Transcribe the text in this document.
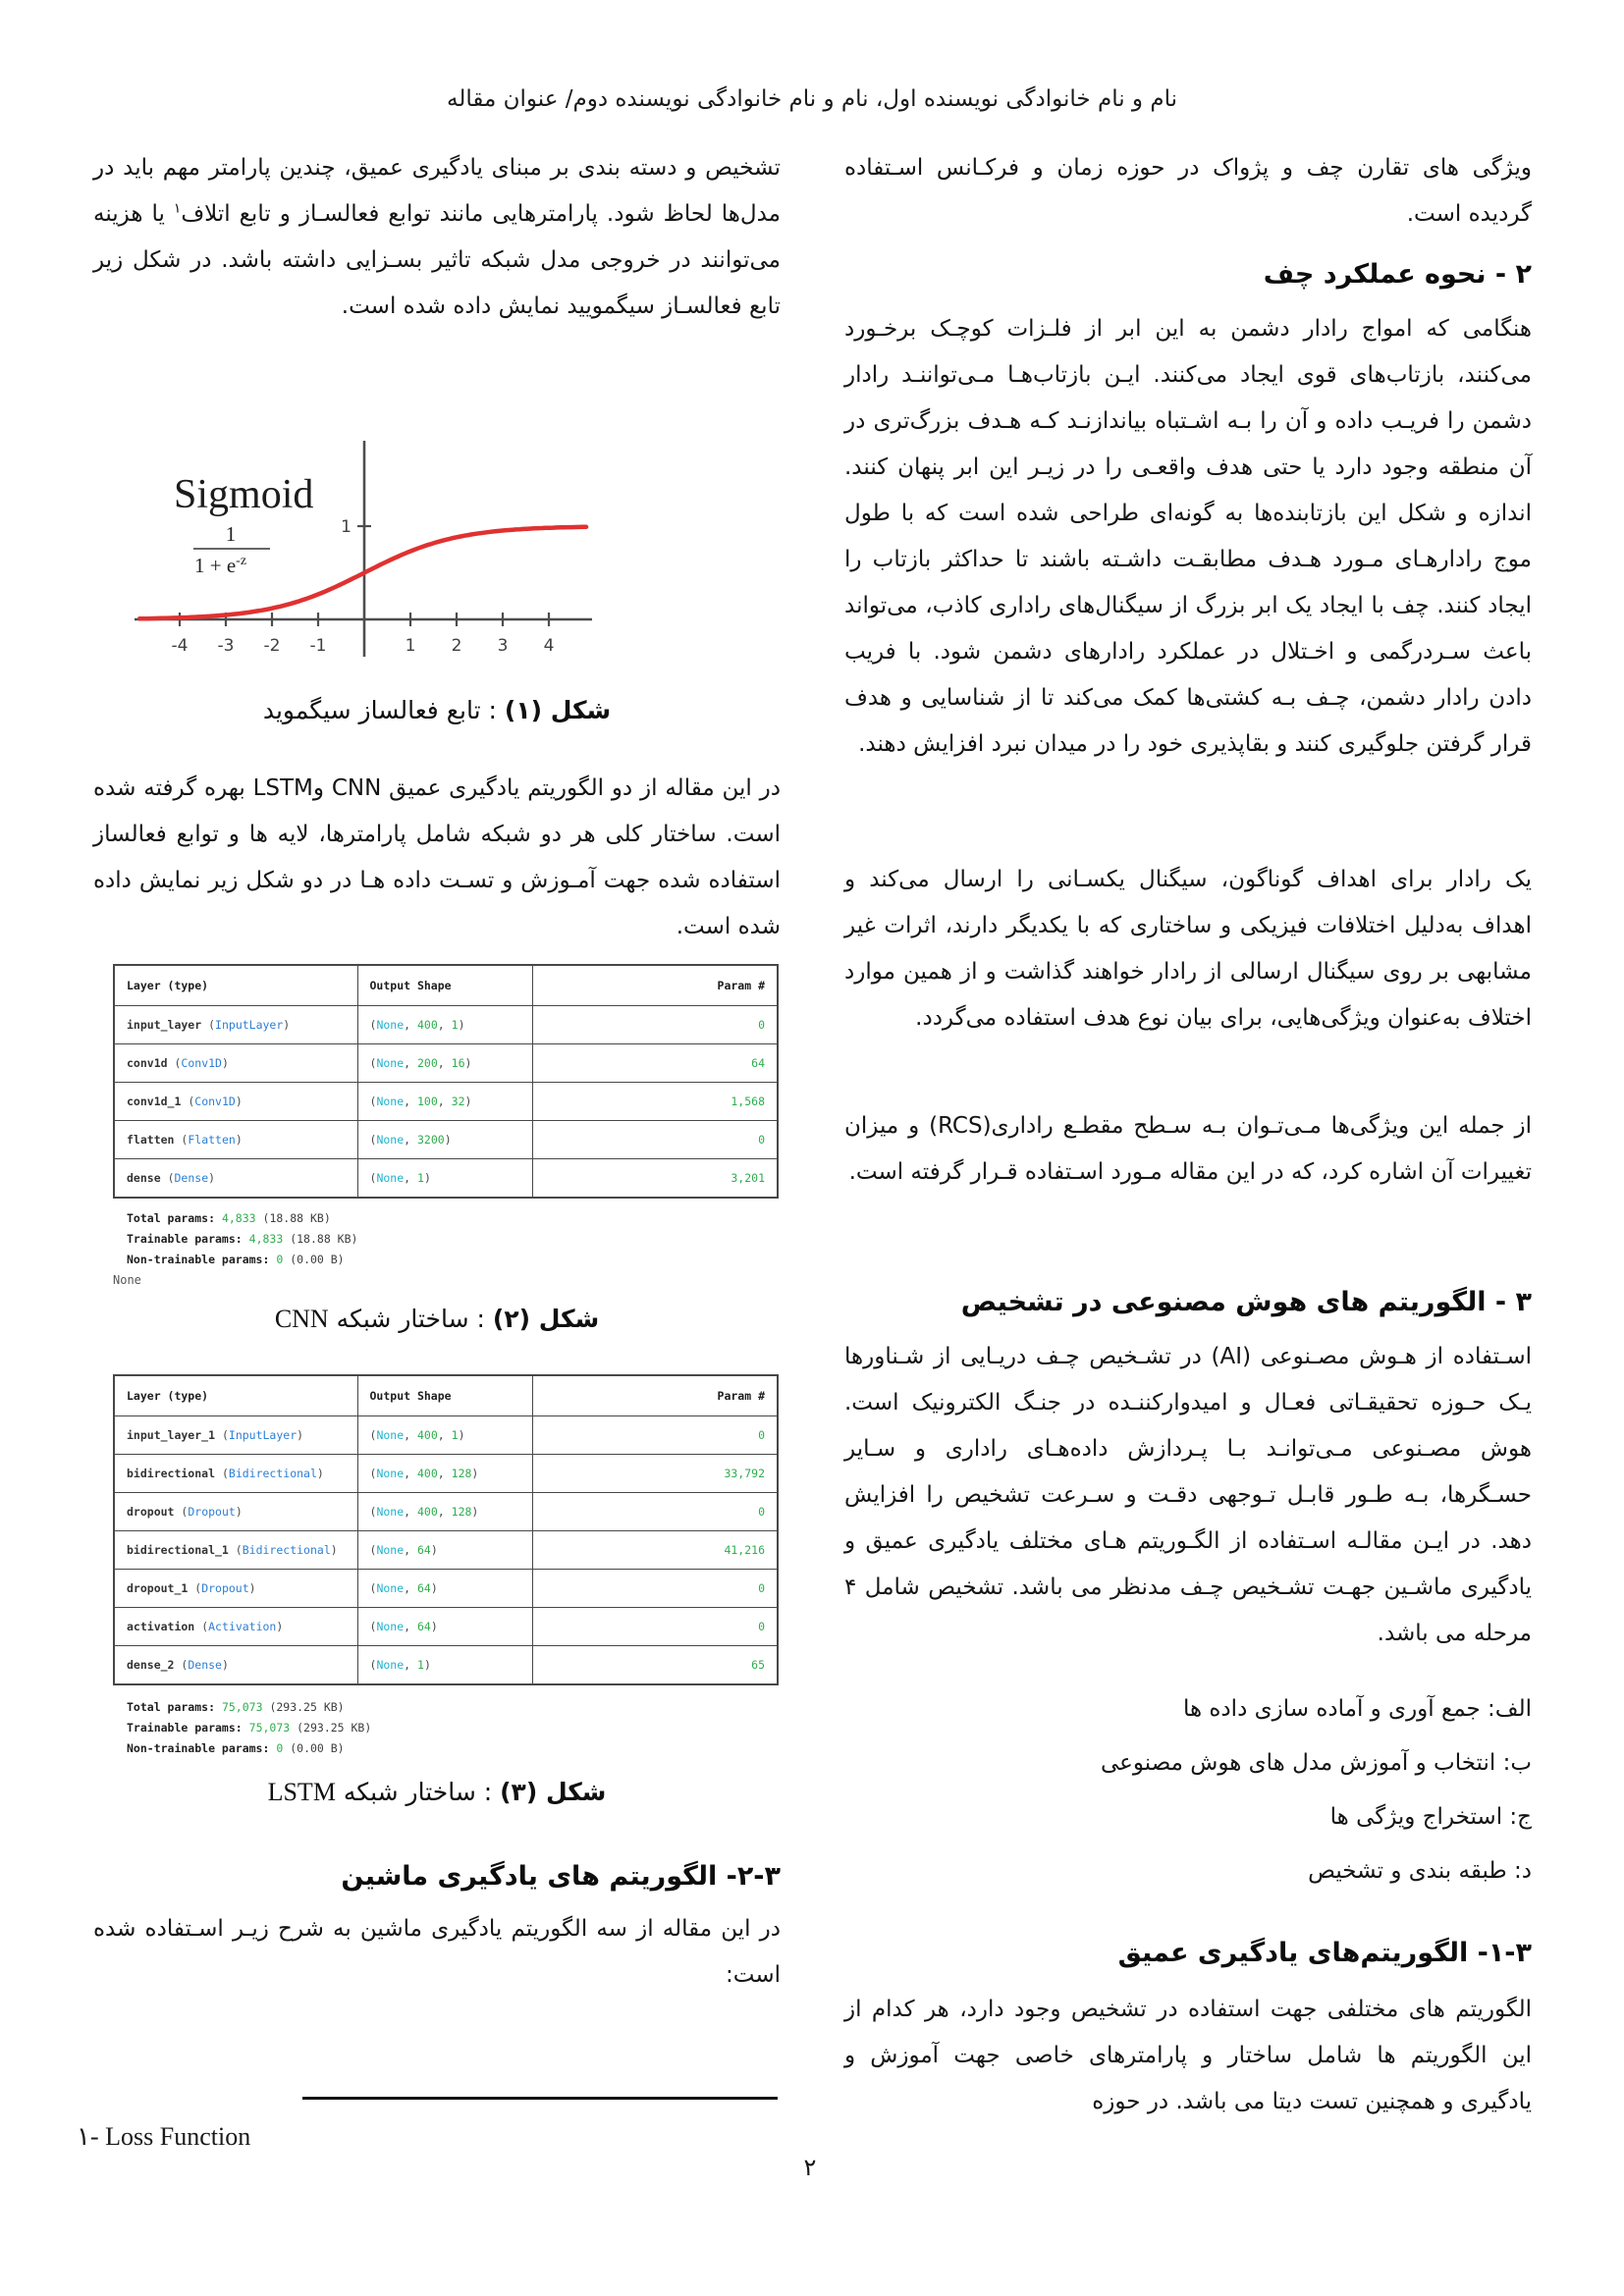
نام و نام خانوادگی نویسنده اول، نام و نام خانوادگی نویسنده دوم/ عنوان مقاله

ویژگی های تقارن چف و پژواک در حوزه زمان و فرکـانس اسـتفاده گردیده است.

۲ - نحوه عملکرد چف

هنگامی که امواج رادار دشمن به این ابر از فلـزات کوچـک برخـورد می‌کنند، بازتاب‌های قوی ایجاد می‌کنند. ایـن بازتاب‌هـا مـی‌تواننـد رادار دشمن را فریـب داده و آن را بـه اشـتباه بیاندازنـد کـه هـدف بزرگ‌تری در آن منطقه وجود دارد یا حتی هدف واقعـی را در زیـر این ابر پنهان کنند. اندازه و شکل این بازتابنده‌ها به گونه‌ای طراحی شده است که با طول موج رادارهـای مـورد هـدف مطابقـت داشـته باشند تا حداکثر بازتاب را ایجاد کنند. چف با ایجاد یک ابر بزرگ از سیگنال‌های راداری کاذب، می‌تواند باعث سـردرگمی و اخـتلال در عملکرد رادارهای دشمن شود. با فریب دادن رادار دشمن، چـف بـه کشتی‌ها کمک می‌کند تا از شناسایی و هدف قرار گرفتن جلوگیری کنند و بقاپذیری خود را در میدان نبرد افزایش دهند.

یک رادار برای اهداف گوناگون، سیگنال یکسـانی را ارسال می‌کند و اهداف به‌دلیل اختلافات فیزیکی و ساختاری که با یکدیگر دارند، اثرات غیر مشابهی بر روی سیگنال ارسالی از رادار خواهند گذاشت و از همین موارد اختلاف به‌عنوان ویژگی‌هایی، برای بیان نوع هدف استفاده می‌گردد.

از جمله این ویژگی‌ها مـی‌تـوان بـه سـطح مقطـع راداری(RCS) و میزان تغییرات آن اشاره کرد، که در این مقاله مـورد اسـتفاده قـرار گرفته است.

۳ - الگوریتم های هوش مصنوعی در تشخیص

اسـتفاده از هـوش مصـنوعی (AI) در تشـخیص چـف دریـایی از شـناورها یـک حـوزه تحقیقـاتی فعـال و امیدوارکننـده در جنـگ الکترونیک است. هوش مصـنوعی مـی‌توانـد بـا پـردازش داده‌هـای راداری و سـایر حسـگرها، بـه طـور قابـل تـوجهی دقـت و سـرعت تشخیص را افزایش دهد. در ایـن مقالـه اسـتفاده از الگـوریتم هـای مختلف یادگیری عمیق و یادگیری ماشـین جهـت تشـخیص چـف مدنظر می باشد. تشخیص شامل ۴ مرحله می باشد.

الف: جمع آوری و آماده سازی داده ها
ب: انتخاب و آموزش مدل های هوش مصنوعی
ج: استخراج ویژگی ها
د: طبقه بندی و تشخیص
۱-۳- الگوریتم‌های یادگیری عمیق

الگوریتم های مختلفی جهت استفاده در تشخیص وجود دارد، هر کدام از این الگوریتم ها شامل ساختار و پارامترهای خاصی جهت آموزش و یادگیری و همچنین تست دیتا می باشد. در حوزه

تشخیص و دسته بندی بر مبنای یادگیری عمیق، چندین پارامتر مهم باید در مدل‌ها لحاظ شود. پارامترهایی مانند توابع فعالسـاز و تابع اتلاف$^۱$ یا هزینه می‌توانند در خروجی مدل شبکه تاثیر بسـزایی داشته باشد. در شکل زیر تابع فعالسـاز سیگمویید نمایش داده شده است.

-4 -3 -2 -1	1 2 3 4
1
Sigmoid
1
$1 + e^{-z}$
شکل (۱) : تابع فعالساز سیگموید

در این مقاله از دو الگوریتم یادگیری عمیق CNN وLSTM بهره گرفته شده است. ساختار کلی هر دو شبکه شامل پارامترها، لایه ها و توابع فعالساز استفاده شده جهت آمـوزش و تسـت داده هـا در دو شکل زیر نمایش داده شده است.

Layer (type)	Output Shape	Param #
input_layer (InputLayer)	(None, 400, 1)	0
conv1d (Conv1D)	(None, 200, 16)	64
conv1d_1 (Conv1D)	(None, 100, 32)	1,568
flatten (Flatten)	(None, 3200)	0
dense (Dense)	(None, 1)	3,201
Total params: 4,833 (18.88 KB)
Trainable params: 4,833 (18.88 KB)
Non-trainable params: 0 (0.00 B)
None
شکل (۲) : ساختار شبکه CNN
Layer (type)	Output Shape	Param #
input_layer_1 (InputLayer)	(None, 400, 1)	0
bidirectional (Bidirectional)	(None, 400, 128)	33,792
dropout (Dropout)	(None, 400, 128)	0
bidirectional_1 (Bidirectional)	(None, 64)	41,216
dropout_1 (Dropout)	(None, 64)	0
activation (Activation)	(None, 64)	0
dense_2 (Dense)	(None, 1)	65
Total params: 75,073 (293.25 KB)
Trainable params: 75,073 (293.25 KB)
Non-trainable params: 0 (0.00 B)
شکل (۳) : ساختار شبکه LSTM
۲-۳- الگوریتم های یادگیری ماشین

در این مقاله از سه الگوریتم یادگیری ماشین به شرح زیـر اسـتفاده شده است:

۱- Loss Function
۲
